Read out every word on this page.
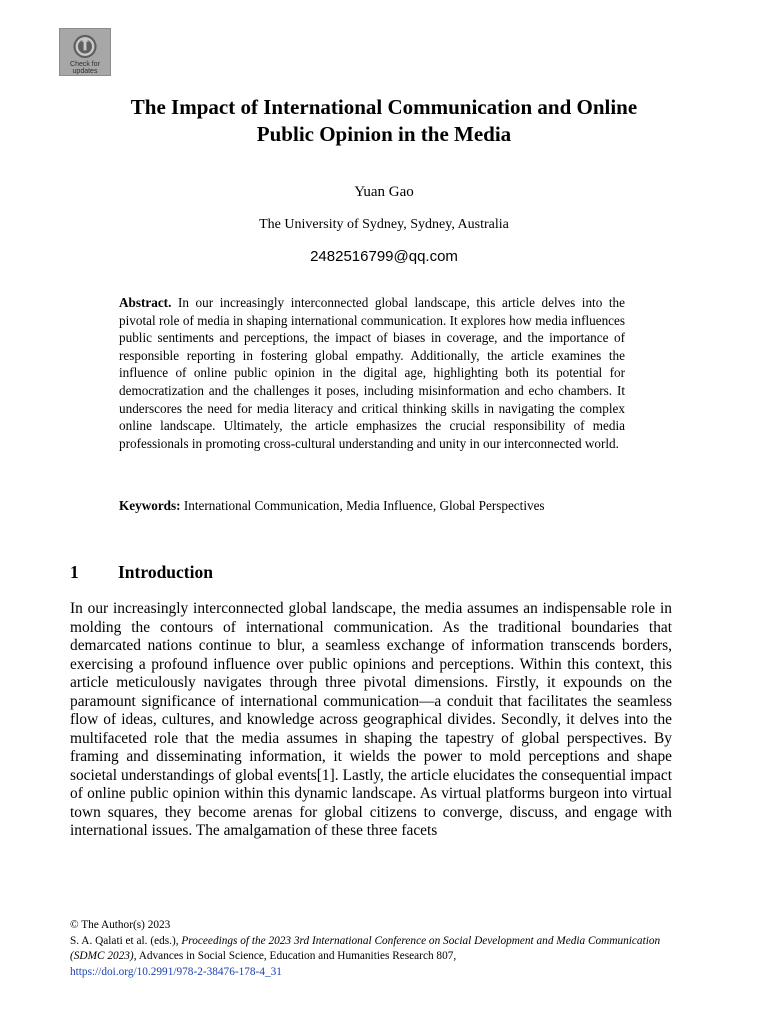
Check for
updates
The Impact of International Communication and Online
Public Opinion in the Media
Yuan Gao
The University of Sydney, Sydney, Australia
2482516799@qq.com

Abstract. In our increasingly interconnected global landscape, this article delves into the pivotal role of media in shaping international communication. It explores how media influences public sentiments and perceptions, the impact of biases in coverage, and the importance of responsible reporting in fostering global empathy. Additionally, the article examines the influence of online public opinion in the digital age, highlighting both its potential for democratization and the challenges it poses, including misinformation and echo chambers. It underscores the need for media literacy and critical thinking skills in navigating the complex online landscape. Ultimately, the article emphasizes the crucial responsibility of media professionals in promoting cross-cultural understanding and unity in our interconnected world.

Keywords: International Communication, Media Influence, Global Perspectives

1 Introduction

In our increasingly interconnected global landscape, the media assumes an indispensable role in molding the contours of international communication. As the traditional boundaries that demarcated nations continue to blur, a seamless exchange of information transcends borders, exercising a profound influence over public opinions and perceptions. Within this context, this article meticulously navigates through three pivotal dimensions. Firstly, it expounds on the paramount significance of international communication—a conduit that facilitates the seamless flow of ideas, cultures, and knowledge across geographical divides. Secondly, it delves into the multifaceted role that the media assumes in shaping the tapestry of global perspectives. By framing and disseminating information, it wields the power to mold perceptions and shape societal understandings of global events[1]. Lastly, the article elucidates the consequential impact of online public opinion within this dynamic landscape. As virtual platforms burgeon into virtual town squares, they become arenas for global citizens to converge, discuss, and engage with international issues. The amalgamation of these three facets

© The Author(s) 2023
S. A. Qalati et al. (eds.), Proceedings of the 2023 3rd International Conference on Social Development and Media Communication (SDMC 2023), Advances in Social Science, Education and Humanities Research 807,
https://doi.org/10.2991/978-2-38476-178-4_31
